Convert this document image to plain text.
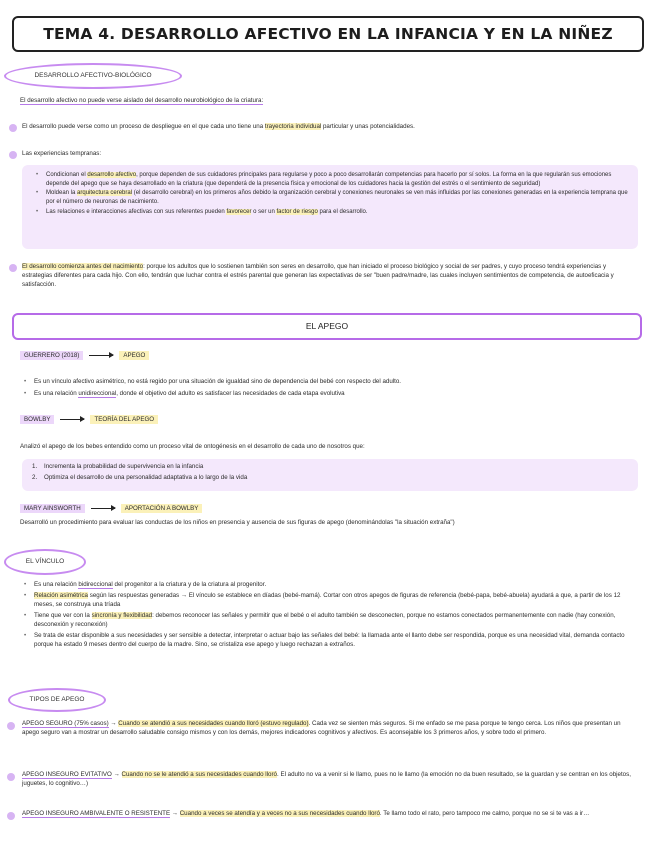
TEMA 4. DESARROLLO AFECTIVO EN LA INFANCIA Y EN LA NIÑEZ
DESARROLLO AFECTIVO-BIOLÓGICO
El desarrollo afectivo no puede verse aislado del desarrollo neurobiológico de la criatura:
El desarrollo puede verse como un proceso de despliegue en el que cada uno tiene una trayectoria individual particular y unas potencialidades.
Las experiencias tempranas:
• Condicionan el desarrollo afectivo, porque dependen de sus cuidadores principales para regularse y poco a poco desarrollarán competencias para hacerlo por sí solos. La forma en la que regularán sus emociones depende del apego que se haya desarrollado en la criatura (que dependerá de la presencia física y emocional de los cuidadores hacia la gestión del estrés o el sentimiento de seguridad)
• Moldean la arquitectura cerebral (el desarrollo cerebral) en los primeros años debido la organización cerebral y conexiones neuronales se ven más influidas por las conexiones generadas en la experiencia temprana que por el número de neuronas de nacimiento.
• Las relaciones e interacciones afectivas con sus referentes pueden favorecer o ser un factor de riesgo para el desarrollo.
El desarrollo comienza antes del nacimiento: porque los adultos que lo sostienen también son seres en desarrollo, que han iniciado el proceso biológico y social de ser padres, y cuyo proceso tendrá experiencias y estrategias diferentes para cada hijo. Con ello, tendrán que luchar contra el estrés parental que generan las expectativas de ser "buen padre/madre, las cuales incluyen sentimientos de competencia, de autoeficacia y satisfacción.
EL APEGO
GUERRERO (2018)	APEGO
• Es un vínculo afectivo asimétrico, no está regido por una situación de igualdad sino de dependencia del bebé con respecto del adulto.
• Es una relación unidireccional, donde el objetivo del adulto es satisfacer las necesidades de cada etapa evolutiva
BOWLBY	TEORÍA DEL APEGO
Analizó el apego de los bebes entendido como un proceso vital de ontogénesis en el desarrollo de cada uno de nosotros que:
1. Incrementa la probabilidad de supervivencia en la infancia
2. Optimiza el desarrollo de una personalidad adaptativa a lo largo de la vida
MARY AINSWORTH	APORTACIÓN A BOWLBY
Desarrolló un procedimiento para evaluar las conductas de los niños en presencia y ausencia de sus figuras de apego (denominándolas "la situación extraña")
EL VÍNCULO
• Es una relación bidireccional del progenitor a la criatura y de la criatura al progenitor.
• Relación asimétrica según las respuestas generadas → El vínculo se establece en díadas (bebé-mamá). Cortar con otros apegos de figuras de referencia (bebé-papa, bebé-abuela) ayudará a que, a partir de los 12 meses, se construya una tríada
• Tiene que ver con la sincronía y flexibilidad: debemos reconocer las señales y permitir que el bebé o el adulto también se desconecten, porque no estamos conectados permanentemente con nadie (hay conexión, desconexión y reconexión)
• Se trata de estar disponible a sus necesidades y ser sensible a detectar, interpretar o actuar bajo las señales del bebé: la llamada ante el llanto debe ser respondida, porque es una necesidad vital, demanda contacto porque ha estado 9 meses dentro del cuerpo de la madre. Sino, se cristaliza ese apego y luego rechazan a extraños.
TIPOS DE APEGO
APEGO SEGURO (75% casos) → Cuando se atendió a sus necesidades cuando lloró (estuvo regulado). Cada vez se sienten más seguros. Si me enfado se me pasa porque te tengo cerca. Los niños que presentan un apego seguro van a mostrar un desarrollo saludable consigo mismos y con los demás, mejores indicadores cognitivos y afectivos. Es aconsejable los 3 primeros años, y sobre todo el primero.
APEGO INSEGURO EVITATIVO → Cuando no se le atendió a sus necesidades cuando lloró. El adulto no va a venir si le llamo, pues no le llamo (la emoción no da buen resultado, se la guardan y se centran en los objetos, juguetes, lo cognitivo…)
APEGO INSEGURO AMBIVALENTE O RESISTENTE → Cuando a veces se atendía y a veces no a sus necesidades cuando lloró. Te llamo todo el rato, pero tampoco me calmo, porque no se si te vas a ir…
